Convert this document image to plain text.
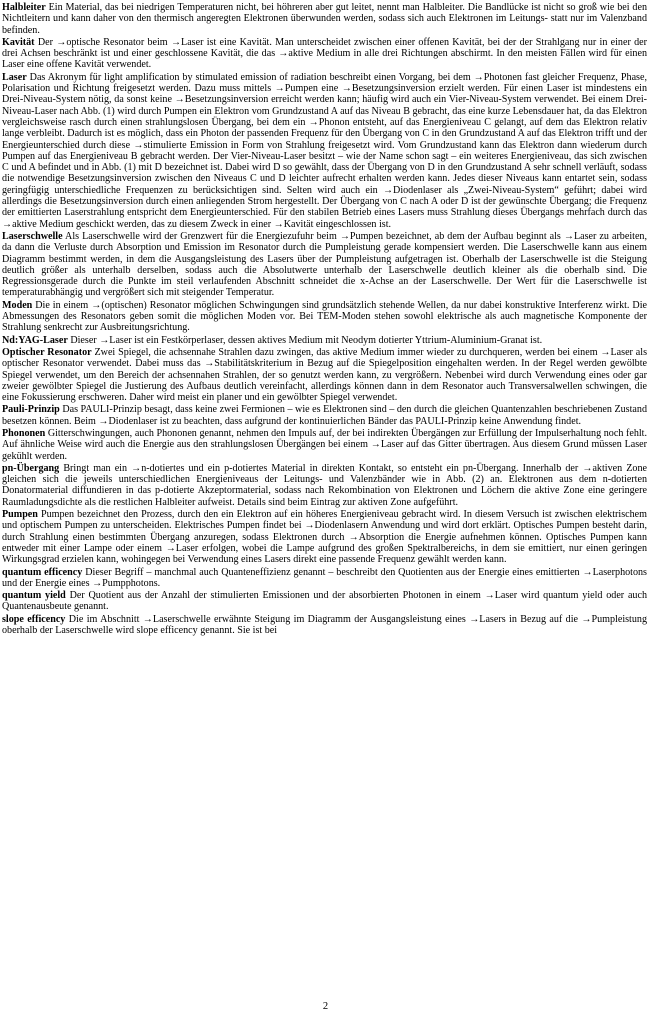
Halbleiter Ein Material, das bei niedrigen Temperaturen nicht, bei höhreren aber gut leitet, nennt man Halbleiter. Die Bandlücke ist nicht so groß wie bei den Nichtleitern und kann daher von den thermisch angeregten Elektronen überwunden werden, sodass sich auch Elektronen im Leitungs- statt nur im Valenzband befinden.

Kavität Der →optische Resonator beim →Laser ist eine Kavität. Man unterscheidet zwischen einer offenen Kavität, bei der der Strahlgang nur in einer der drei Achsen beschränkt ist und einer geschlossene Kavität, die das →aktive Medium in alle drei Richtungen abschirmt. In den meisten Fällen wird für einen Laser eine offene Kavität verwendet.

Laser Das Akronym für light amplification by stimulated emission of radiation beschreibt einen Vorgang, bei dem →Photonen fast gleicher Frequenz, Phase, Polarisation und Richtung freigesetzt werden. Dazu muss mittels →Pumpen eine →Besetzungsinversion erzielt werden. Für einen Laser ist mindestens ein Drei-Niveau-System nötig, da sonst keine →Besetzungsinversion erreicht werden kann; häufig wird auch ein Vier-Niveau-System verwendet. Bei einem Drei-Niveau-Laser nach Abb. (1) wird durch Pumpen ein Elektron vom Grundzustand A auf das Niveau B gebracht, das eine kurze Lebensdauer hat, da das Elektron vergleichsweise rasch durch einen strahlungslosen Übergang, bei dem ein →Phonon entsteht, auf das Energieniveau C gelangt, auf dem das Elektron relativ lange verbleibt. Dadurch ist es möglich, dass ein Photon der passenden Frequenz für den Übergang von C in den Grundzustand A auf das Elektron trifft und der Energieunterschied durch diese →stimulierte Emission in Form von Strahlung freigesetzt wird. Vom Grundzustand kann das Elektron dann wiederum durch Pumpen auf das Energieniveau B gebracht werden. Der Vier-Niveau-Laser besitzt – wie der Name schon sagt – ein weiteres Energieniveau, das sich zwischen C und A befindet und in Abb. (1) mit D bezeichnet ist. Dabei wird D so gewählt, dass der Übergang von D in den Grundzustand A sehr schnell verläuft, sodass die notwendige Besetzungsinversion zwischen den Niveaus C und D leichter aufrecht erhalten werden kann. Jedes dieser Niveaus kann entartet sein, sodass geringfügig unterschiedliche Frequenzen zu berücksichtigen sind. Selten wird auch ein →Diodenlaser als „Zwei-Niveau-System“ geführt; dabei wird allerdings die Besetzungsinversion durch einen anliegenden Strom hergestellt. Der Übergang von C nach A oder D ist der gewünschte Übergang; die Frequenz der emittierten Laserstrahlung entspricht dem Energieunterschied. Für den stabilen Betrieb eines Lasers muss Strahlung dieses Übergangs mehrfach durch das →aktive Medium geschickt werden, das zu diesem Zweck in einer →Kavität eingeschlossen ist.

Laserschwelle Als Laserschwelle wird der Grenzwert für die Energiezufuhr beim →Pumpen bezeichnet, ab dem der Aufbau beginnt als →Laser zu arbeiten, da dann die Verluste durch Absorption und Emission im Resonator durch die Pumpleistung gerade kompensiert werden. Die Laserschwelle kann aus einem Diagramm bestimmt werden, in dem die Ausgangsleistung des Lasers über der Pumpleistung aufgetragen ist. Oberhalb der Laserschwelle ist die Steigung deutlich größer als unterhalb derselben, sodass auch die Absolutwerte unterhalb der Laserschwelle deutlich kleiner als die oberhalb sind. Die Regressionsgerade durch die Punkte im steil verlaufenden Abschnitt schneidet die x-Achse an der Laserschwelle. Der Wert für die Laserschwelle ist temperaturabhängig und vergrößert sich mit steigender Temperatur.

Moden Die in einem →(optischen) Resonator möglichen Schwingungen sind grundsätzlich stehende Wellen, da nur dabei konstruktive Interferenz wirkt. Die Abmessungen des Resonators geben somit die möglichen Moden vor. Bei TEM-Moden stehen sowohl elektrische als auch magnetische Komponente der Strahlung senkrecht zur Ausbreitungsrichtung.

Nd:YAG-Laser Dieser →Laser ist ein Festkörperlaser, dessen aktives Medium mit Neodym dotierter Yttrium-Aluminium-Granat ist.

Optischer Resonator Zwei Spiegel, die achsennahe Strahlen dazu zwingen, das aktive Medium immer wieder zu durchqueren, werden bei einem →Laser als optischer Resonator verwendet. Dabei muss das →Stabilitätskriterium in Bezug auf die Spiegelposition eingehalten werden. In der Regel werden gewölbte Spiegel verwendet, um den Bereich der achsennahen Strahlen, der so genutzt werden kann, zu vergrößern. Nebenbei wird durch Verwendung eines oder gar zweier gewölbter Spiegel die Justierung des Aufbaus deutlich vereinfacht, allerdings können dann in dem Resonator auch Transversalwellen schwingen, die eine Fokussierung erschweren. Daher wird meist ein planer und ein gewölbter Spiegel verwendet.

Pauli-Prinzip Das PAULI-Prinzip besagt, dass keine zwei Fermionen – wie es Elektronen sind – den durch die gleichen Quantenzahlen beschriebenen Zustand besetzen können. Beim →Diodenlaser ist zu beachten, dass aufgrund der kontinuierlichen Bänder das PAULI-Prinzip keine Anwendung findet.

Phononen Gitterschwingungen, auch Phononen genannt, nehmen den Impuls auf, der bei indirekten Übergängen zur Erfüllung der Impulserhaltung noch fehlt. Auf ähnliche Weise wird auch die Energie aus den strahlungslosen Übergängen bei einem →Laser auf das Gitter übertragen. Aus diesem Grund müssen Laser gekühlt werden.

pn-Übergang Bringt man ein →n-dotiertes und ein p-dotiertes Material in direkten Kontakt, so entsteht ein pn-Übergang. Innerhalb der →aktiven Zone gleichen sich die jeweils unterschiedlichen Energieniveaus der Leitungs- und Valenzbänder wie in Abb. (2) an. Elektronen aus dem n-dotierten Donatormaterial diffundieren in das p-dotierte Akzeptormaterial, sodass nach Rekombination von Elektronen und Löchern die aktive Zone eine geringere Raumladungsdichte als die restlichen Halbleiter aufweist. Details sind beim Eintrag zur aktiven Zone aufgeführt.

Pumpen Pumpen bezeichnet den Prozess, durch den ein Elektron auf ein höheres Energieniveau gebracht wird. In diesem Versuch ist zwischen elektrischem und optischem Pumpen zu unterscheiden. Elektrisches Pumpen findet bei →Diodenlasern Anwendung und wird dort erklärt. Optisches Pumpen besteht darin, durch Strahlung einen bestimmten Übergang anzuregen, sodass Elektronen durch →Absorption die Energie aufnehmen können. Optisches Pumpen kann entweder mit einer Lampe oder einem →Laser erfolgen, wobei die Lampe aufgrund des großen Spektralbereichs, in dem sie emittiert, nur einen geringen Wirkungsgrad erzielen kann, wohingegen bei Verwendung eines Lasers direkt eine passende Frequenz gewählt werden kann.

quantum efficency Dieser Begriff – manchmal auch Quanteneffizienz genannt – beschreibt den Quotienten aus der Energie eines emittierten →Laserphotons und der Energie eines →Pumpphotons.

quantum yield Der Quotient aus der Anzahl der stimulierten Emissionen und der absorbierten Photonen in einem →Laser wird quantum yield oder auch Quantenausbeute genannt.

slope efficency Die im Abschnitt →Laserschwelle erwähnte Steigung im Diagramm der Ausgangsleistung eines →Lasers in Bezug auf die →Pumpleistung oberhalb der Laserschwelle wird slope efficency genannt. Sie ist bei

2
